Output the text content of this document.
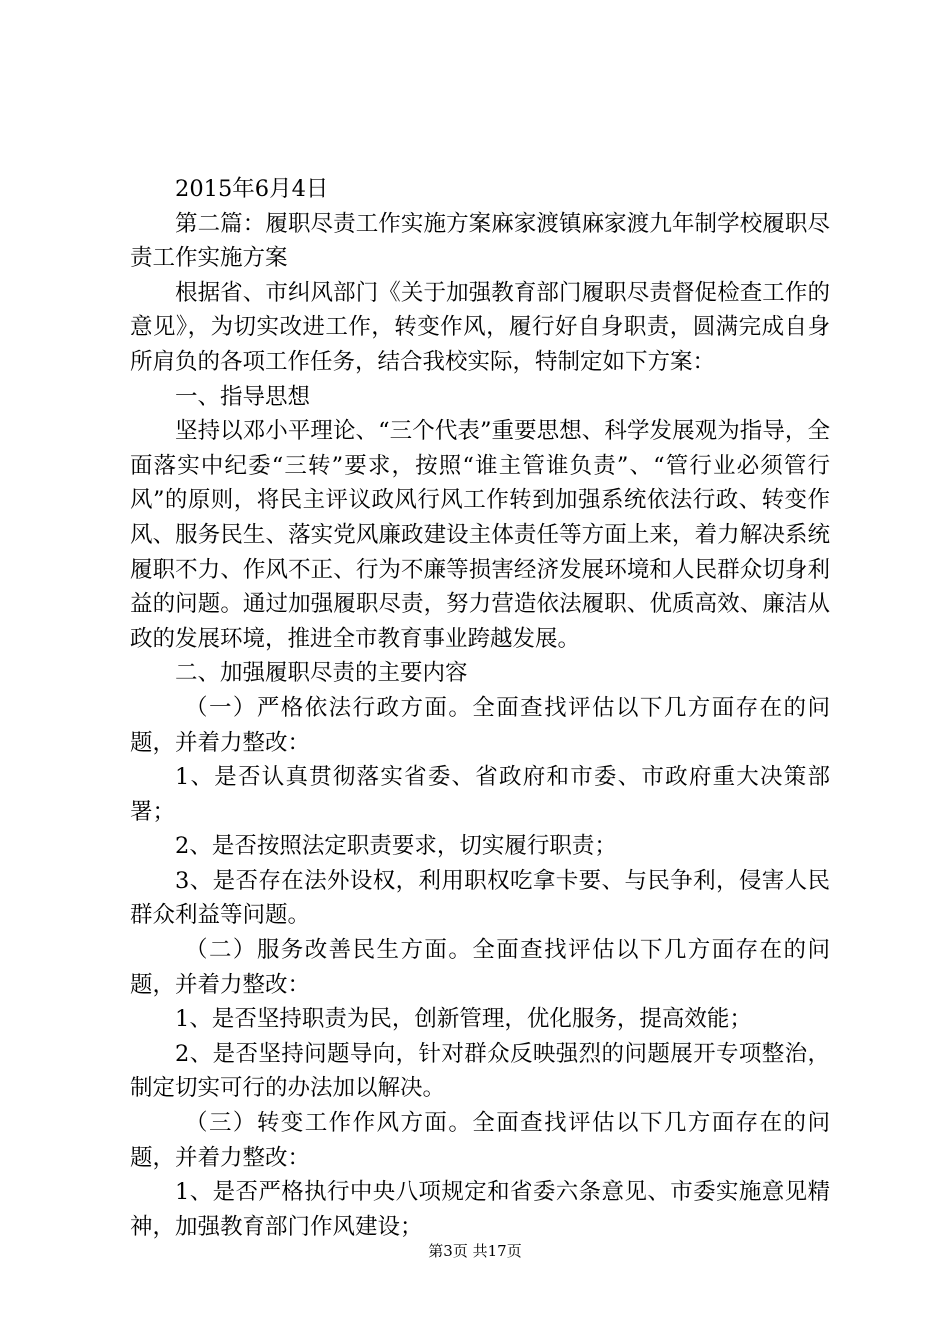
2015年6月4日

第二篇：履职尽责工作实施方案麻家渡镇麻家渡九年制学校履职尽责工作实施方案

根据省、市纠风部门《关于加强教育部门履职尽责督促检查工作的意见》，为切实改进工作，转变作风，履行好自身职责，圆满完成自身所肩负的各项工作任务，结合我校实际，特制定如下方案：

一、指导思想

坚持以邓小平理论、“三个代表”重要思想、科学发展观为指导，全面落实中纪委“三转”要求，按照“谁主管谁负责”、“管行业必须管行风”的原则，将民主评议政风行风工作转到加强系统依法行政、转变作风、服务民生、落实党风廉政建设主体责任等方面上来，着力解决系统履职不力、作风不正、行为不廉等损害经济发展环境和人民群众切身利益的问题。通过加强履职尽责，努力营造依法履职、优质高效、廉洁从政的发展环境，推进全市教育事业跨越发展。

二、加强履职尽责的主要内容

（一）严格依法行政方面。全面查找评估以下几方面存在的问题，并着力整改：

1、是否认真贯彻落实省委、省政府和市委、市政府重大决策部署；

2、是否按照法定职责要求，切实履行职责；

3、是否存在法外设权，利用职权吃拿卡要、与民争利，侵害人民群众利益等问题。

（二）服务改善民生方面。全面查找评估以下几方面存在的问题，并着力整改：

1、是否坚持职责为民，创新管理，优化服务，提高效能；

2、是否坚持问题导向，针对群众反映强烈的问题展开专项整治，制定切实可行的办法加以解决。

（三）转变工作作风方面。全面查找评估以下几方面存在的问题，并着力整改：

1、是否严格执行中央八项规定和省委六条意见、市委实施意见精神，加强教育部门作风建设；

第3页 共17页
